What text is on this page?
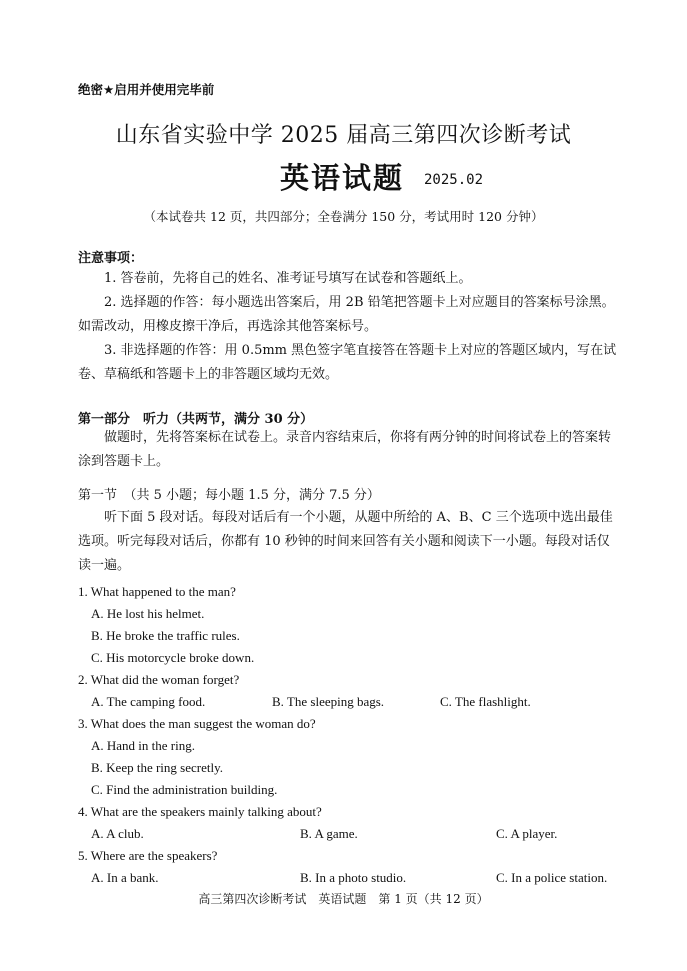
绝密★启用并使用完毕前
山东省实验中学 2025 届高三第四次诊断考试
英语试题 2025.02
（本试卷共 12 页，共四部分；全卷满分 150 分，考试用时 120 分钟）
注意事项：
1. 答卷前，先将自己的姓名、准考证号填写在试卷和答题纸上。
2. 选择题的作答：每小题选出答案后，用 2B 铅笔把答题卡上对应题目的答案标号涂黑。如需改动，用橡皮擦干净后，再选涂其他答案标号。
3. 非选择题的作答：用 0.5mm 黑色签字笔直接答在答题卡上对应的答题区域内，写在试卷、草稿纸和答题卡上的非答题区域均无效。
第一部分　听力（共两节，满分 30 分）
做题时，先将答案标在试卷上。录音内容结束后，你将有两分钟的时间将试卷上的答案转涂到答题卡上。
第一节　（共 5 小题；每小题 1.5 分，满分 7.5 分）
听下面 5 段对话。每段对话后有一个小题，从题中所给的 A、B、C 三个选项中选出最佳选项。听完每段对话后，你都有 10 秒钟的时间来回答有关小题和阅读下一小题。每段对话仅读一遍。
1. What happened to the man?
A. He lost his helmet.
B. He broke the traffic rules.
C. His motorcycle broke down.
2. What did the woman forget?
A. The camping food.	B. The sleeping bags.	C. The flashlight.
3. What does the man suggest the woman do?
A. Hand in the ring.
B. Keep the ring secretly.
C. Find the administration building.
4. What are the speakers mainly talking about?
A. A club.	B. A game.	C. A player.
5. Where are the speakers?
A. In a bank.	B. In a photo studio.	C. In a police station.
高三第四次诊断考试　英语试题　第 1 页（共 12 页）
